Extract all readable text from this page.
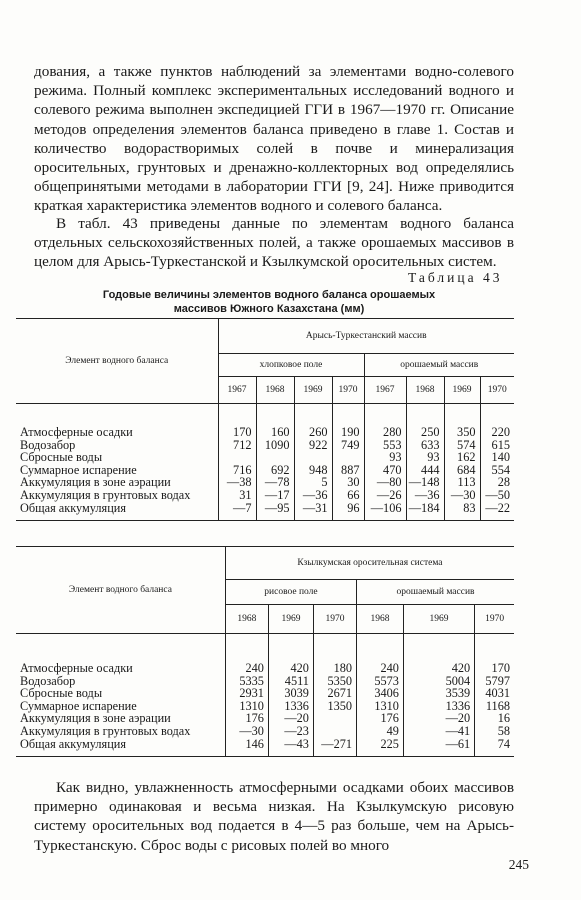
дования, а также пунктов наблюдений за элементами водно-солевого режима. Полный комплекс экспериментальных исследований водного и солевого режима выполнен экспедицией ГГИ в 1967—1970 гг. Описание методов определения элементов баланса приведено в главе 1. Состав и количество водорастворимых солей в почве и минерализация оросительных, грунтовых и дренажно-коллекторных вод определялись общепринятыми методами в лаборатории ГГИ [9, 24]. Ниже приводится краткая характеристика элементов водного и солевого баланса.

В табл. 43 приведены данные по элементам водного баланса отдельных сельскохозяйственных полей, а также орошаемых массивов в целом для Арысь-Туркестанской и Кзылкумской оросительных систем.

Таблица 43
Годовые величины элементов водного баланса орошаемых
массивов Южного Казахстана (мм)
Элемент водного баланса	Арысь-Туркестанский массив							
	хлопковое поле				орошаемый массив			
	1967	1968	1969	1970	1967	1968	1969	1970
Атмосферные осадки	170	160	260	190	280	250	350	220
Водозабор	712	1090	922	749	553	633	574	615
Сбросные воды					93	93	162	140
Суммарное испарение	716	692	948	887	470	444	684	554
Аккумуляция в зоне аэрации	—38	—78	5	30	—80	—148	113	28
Аккумуляция в грунтовых водах	31	—17	—36	66	—26	—36	—30	—50
Общая аккумуляция	—7	—95	—31	96	—106	—184	83	—22
Элемент водного баланса	Кзылкумская оросительная система					
	рисовое поле			орошаемый массив		
	1968	1969	1970	1968	1969	1970
Атмосферные осадки	240	420	180	240	420	170
Водозабор	5335	4511	5350	5573	5004	5797
Сбросные воды	2931	3039	2671	3406	3539	4031
Суммарное испарение	1310	1336	1350	1310	1336	1168
Аккумуляция в зоне аэрации	176	—20		176	—20	16
Аккумуляция в грунтовых водах	—30	—23		49	—41	58
Общая аккумуляция	146	—43	—271	225	—61	74

Как видно, увлажненность атмосферными осадками обоих массивов примерно одинаковая и весьма низкая. На Кзылкумскую рисовую систему оросительных вод подается в 4—5 раз больше, чем на Арысь-Туркестанскую. Сброс воды с рисовых полей во много

245
